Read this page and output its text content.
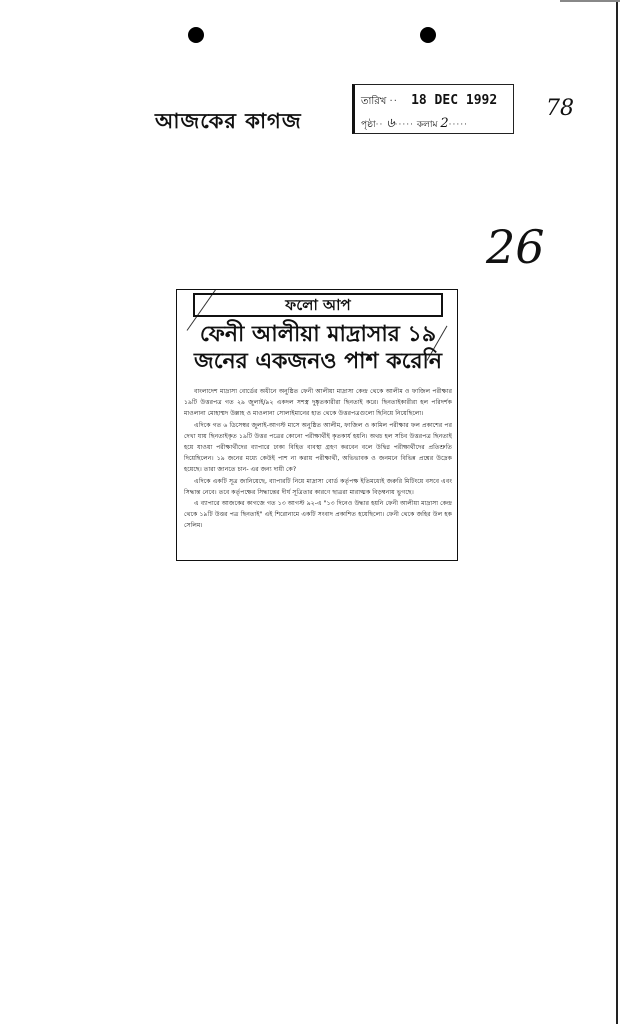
আজকের কাগজ
তারিখ ·· 18 DEC 1992
পৃষ্ঠা·· ৬····· কলাম 2·····
78
26
ফলো আপ
ফেনী আলীয়া মাদ্রাসার ১৯ জনের একজনও পাশ করেনি

বাংলাদেশ মাদ্রাসা বোর্ডের অধীনে অনুষ্ঠিত ফেনী আলীয়া মাদ্রাসা কেন্দ্র থেকে আলীম ও ফাজিল পরীক্ষার ১৯টি উত্তরপত্র গত ২৯ জুলাই/৯২ একদল সশস্ত্র দুষ্কৃতকারীরা ছিনতাই করে। ছিনতাইকারীরা হল পরিদর্শক মাওলানা মোহাম্মদ উল্লাহ ও মাওলানা সোলাইমানের হাত থেকে উত্তরপত্রগুলো ছিনিয়ে নিয়েছিলো।

এদিকে গত ৬ ডিসেম্বর জুলাই-আগস্ট মাসে অনুষ্ঠিত আলীম, ফাজিল ও কামিল পরীক্ষার ফল প্রকাশের পর দেখা যায় ছিনতাইকৃত ১৯টি উত্তর পত্রের কোনো পরীক্ষার্থীই কৃতকার্য হয়নি। অথচ হল সচিব উত্তরপত্র ছিনতাই হয়ে যাওয়া পরীক্ষার্থীদের ব্যাপারে ঢাকা বিহিত ব্যবস্থা গ্রহণ করবেন বলে উদ্বিগ্ন পরীক্ষার্থীদের প্রতিশ্রুতি দিয়েছিলেন। ১৯ জনের মধ্যে কেউই পাশ না করায় পরীক্ষার্থী, অভিভাবক ও জনমনে বিভিন্ন প্রশ্নের উদ্রেক হয়েছে। তারা জানতে চান- এর জন্য দায়ী কে?

এদিকে একটি সূত্র জানিয়েছে, ব্যাপারটি নিয়ে মাদ্রাসা বোর্ড কর্তৃপক্ষ ইতিমধ্যেই জরুরি মিটিংয়ে বসবে এবং সিদ্ধান্ত নেবে। তবে কর্তৃপক্ষের সিদ্ধান্তের দীর্ঘ সূত্রিতার কারণে ছাত্ররা মারাত্মক বিড়ম্বনায় ভুগছে।

এ ব্যাপারে আজকের কাগজে গত ১৩ আগস্ট ৯২-এ "১৩ দিনেও উদ্ধার হয়নি ফেনী আলীয়া মাদ্রাসা কেন্দ্র থেকে ১৯টি উত্তর পত্র ছিনতাই" এই শিরোনামে একটি সংবাদ প্রকাশিত হয়েছিলো। ফেনী থেকে জহির উল হক সেলিম।
